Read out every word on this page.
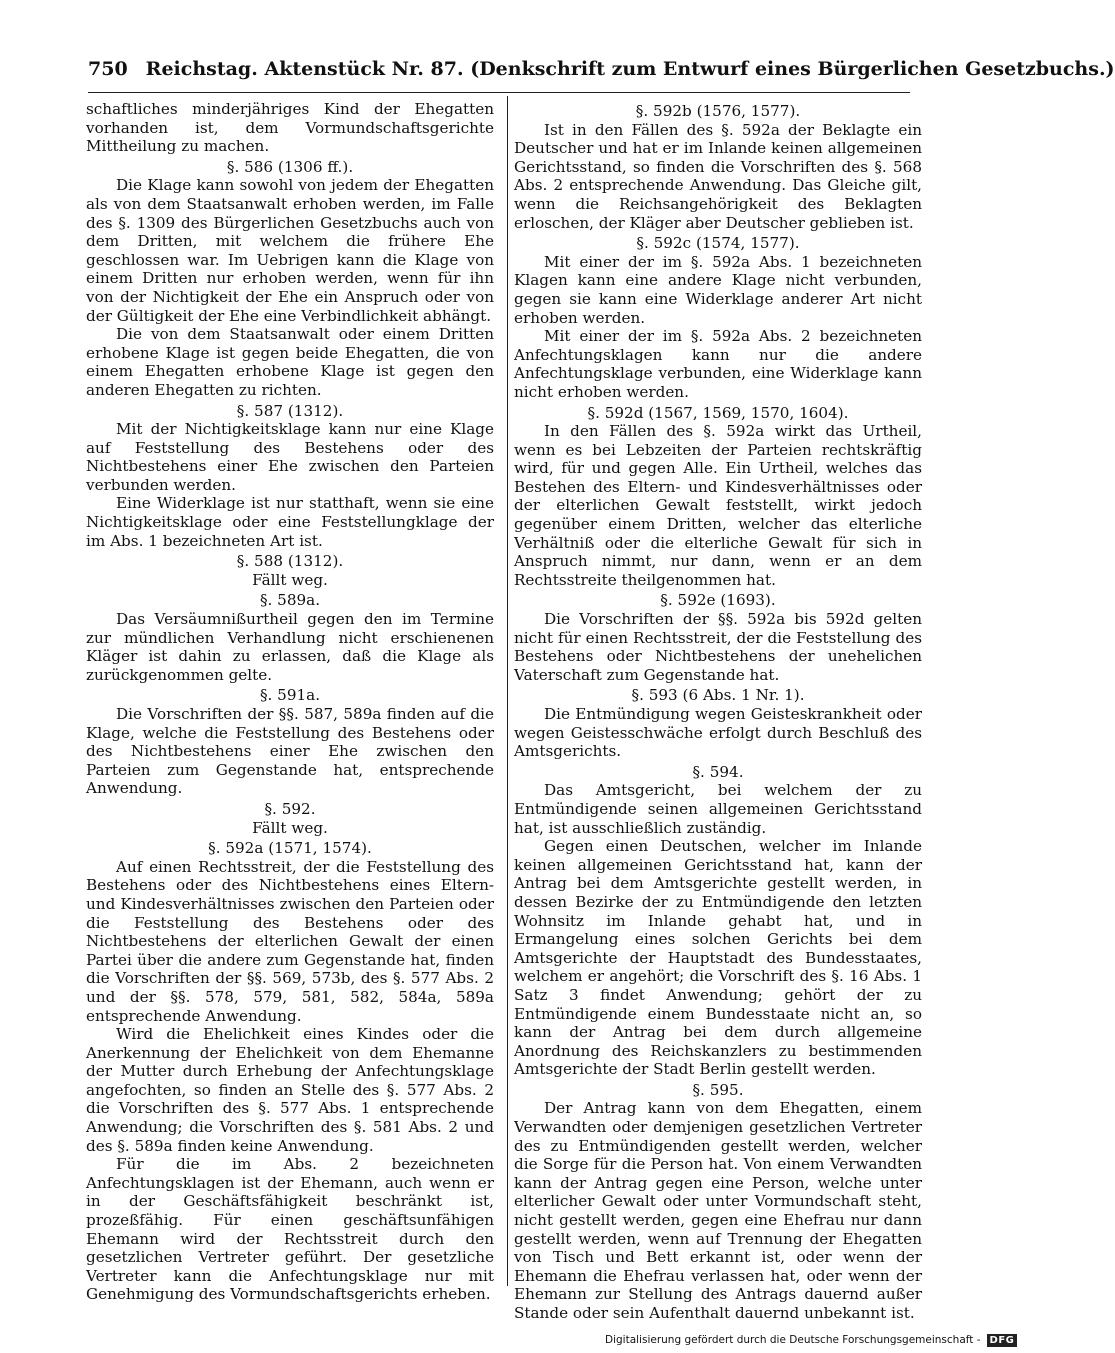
750 Reichstag. Aktenstück Nr. 87. (Denkschrift zum Entwurf eines Bürgerlichen Gesetzbuchs.)

schaftliches minderjähriges Kind der Ehegatten vorhanden ist, dem Vormundschaftsgerichte Mittheilung zu machen.

§. 586 (1306 ff.).

Die Klage kann sowohl von jedem der Ehegatten als von dem Staatsanwalt erhoben werden, im Falle des §. 1309 des Bürgerlichen Gesetzbuchs auch von dem Dritten, mit welchem die frühere Ehe geschlossen war. Im Uebrigen kann die Klage von einem Dritten nur erhoben werden, wenn für ihn von der Nichtigkeit der Ehe ein Anspruch oder von der Gültigkeit der Ehe eine Verbindlichkeit abhängt.

Die von dem Staatsanwalt oder einem Dritten erhobene Klage ist gegen beide Ehegatten, die von einem Ehegatten erhobene Klage ist gegen den anderen Ehegatten zu richten.

§. 587 (1312).

Mit der Nichtigkeitsklage kann nur eine Klage auf Feststellung des Bestehens oder des Nichtbestehens einer Ehe zwischen den Parteien verbunden werden.

Eine Widerklage ist nur statthaft, wenn sie eine Nichtigkeitsklage oder eine Feststellungklage der im Abs. 1 bezeichneten Art ist.

§. 588 (1312).

Fällt weg.

§. 589a.

Das Versäumnißurtheil gegen den im Termine zur mündlichen Verhandlung nicht erschienenen Kläger ist dahin zu erlassen, daß die Klage als zurückgenommen gelte.

§. 591a.

Die Vorschriften der §§. 587, 589a finden auf die Klage, welche die Feststellung des Bestehens oder des Nichtbestehens einer Ehe zwischen den Parteien zum Gegenstande hat, entsprechende Anwendung.

§. 592.

Fällt weg.

§. 592a (1571, 1574).

Auf einen Rechtsstreit, der die Feststellung des Bestehens oder des Nichtbestehens eines Eltern- und Kindesverhältnisses zwischen den Parteien oder die Feststellung des Bestehens oder des Nichtbestehens der elterlichen Gewalt der einen Partei über die andere zum Gegenstande hat, finden die Vorschriften der §§. 569, 573b, des §. 577 Abs. 2 und der §§. 578, 579, 581, 582, 584a, 589a entsprechende Anwendung.

Wird die Ehelichkeit eines Kindes oder die Anerkennung der Ehelichkeit von dem Ehemanne der Mutter durch Erhebung der Anfechtungsklage angefochten, so finden an Stelle des §. 577 Abs. 2 die Vorschriften des §. 577 Abs. 1 entsprechende Anwendung; die Vorschriften des §. 581 Abs. 2 und des §. 589a finden keine Anwendung.

Für die im Abs. 2 bezeichneten Anfechtungsklagen ist der Ehemann, auch wenn er in der Geschäftsfähigkeit beschränkt ist, prozeßfähig. Für einen geschäftsunfähigen Ehemann wird der Rechtsstreit durch den gesetzlichen Vertreter geführt. Der gesetzliche Vertreter kann die Anfechtungsklage nur mit Genehmigung des Vormundschaftsgerichts erheben.

§. 592b (1576, 1577).

Ist in den Fällen des §. 592a der Beklagte ein Deutscher und hat er im Inlande keinen allgemeinen Gerichtsstand, so finden die Vorschriften des §. 568 Abs. 2 entsprechende Anwendung. Das Gleiche gilt, wenn die Reichsangehörigkeit des Beklagten erloschen, der Kläger aber Deutscher geblieben ist.

§. 592c (1574, 1577).

Mit einer der im §. 592a Abs. 1 bezeichneten Klagen kann eine andere Klage nicht verbunden, gegen sie kann eine Widerklage anderer Art nicht erhoben werden.

Mit einer der im §. 592a Abs. 2 bezeichneten Anfechtungsklagen kann nur die andere Anfechtungsklage verbunden, eine Widerklage kann nicht erhoben werden.

§. 592d (1567, 1569, 1570, 1604).

In den Fällen des §. 592a wirkt das Urtheil, wenn es bei Lebzeiten der Parteien rechtskräftig wird, für und gegen Alle. Ein Urtheil, welches das Bestehen des Eltern- und Kindesverhältnisses oder der elterlichen Gewalt feststellt, wirkt jedoch gegenüber einem Dritten, welcher das elterliche Verhältniß oder die elterliche Gewalt für sich in Anspruch nimmt, nur dann, wenn er an dem Rechtsstreite theilgenommen hat.

§. 592e (1693).

Die Vorschriften der §§. 592a bis 592d gelten nicht für einen Rechtsstreit, der die Feststellung des Bestehens oder Nichtbestehens der unehelichen Vaterschaft zum Gegenstande hat.

§. 593 (6 Abs. 1 Nr. 1).

Die Entmündigung wegen Geisteskrankheit oder wegen Geistesschwäche erfolgt durch Beschluß des Amtsgerichts.

§. 594.

Das Amtsgericht, bei welchem der zu Entmündigende seinen allgemeinen Gerichtsstand hat, ist ausschließlich zuständig.

Gegen einen Deutschen, welcher im Inlande keinen allgemeinen Gerichtsstand hat, kann der Antrag bei dem Amtsgerichte gestellt werden, in dessen Bezirke der zu Entmündigende den letzten Wohnsitz im Inlande gehabt hat, und in Ermangelung eines solchen Gerichts bei dem Amtsgerichte der Hauptstadt des Bundesstaates, welchem er angehört; die Vorschrift des §. 16 Abs. 1 Satz 3 findet Anwendung; gehört der zu Entmündigende einem Bundesstaate nicht an, so kann der Antrag bei dem durch allgemeine Anordnung des Reichskanzlers zu bestimmenden Amtsgerichte der Stadt Berlin gestellt werden.

§. 595.

Der Antrag kann von dem Ehegatten, einem Verwandten oder demjenigen gesetzlichen Vertreter des zu Entmündigenden gestellt werden, welcher die Sorge für die Person hat. Von einem Verwandten kann der Antrag gegen eine Person, welche unter elterlicher Gewalt oder unter Vormundschaft steht, nicht gestellt werden, gegen eine Ehefrau nur dann gestellt werden, wenn auf Trennung der Ehegatten von Tisch und Bett erkannt ist, oder wenn der Ehemann die Ehefrau verlassen hat, oder wenn der Ehemann zur Stellung des Antrags dauernd außer Stande oder sein Aufenthalt dauernd unbekannt ist.

Digitalisierung gefördert durch die Deutsche Forschungsgemeinschaft - DFG
